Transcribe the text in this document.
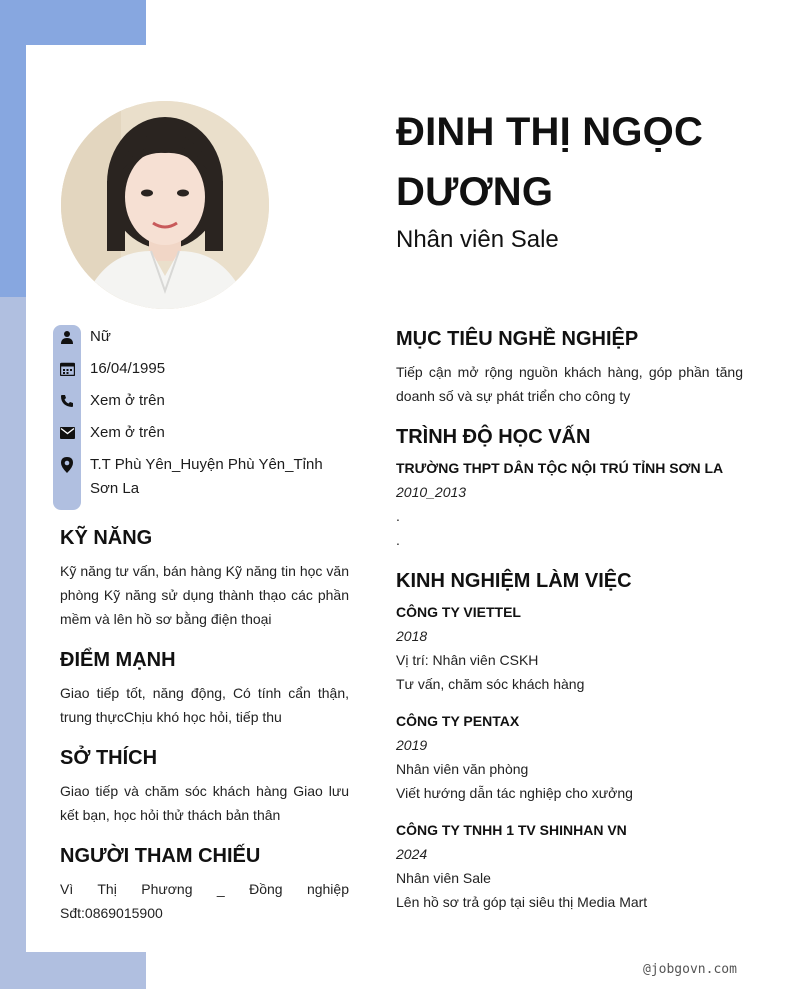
ĐINH THỊ NGỌC DƯƠNG
Nhân viên Sale
Nữ
16/04/1995
Xem ở trên
Xem ở trên
T.T Phù Yên_Huyện Phù Yên_Tỉnh Sơn La
KỸ NĂNG
Kỹ năng tư vấn, bán hàng Kỹ năng tin học văn phòng Kỹ năng sử dụng thành thạo các phần mềm và lên hồ sơ bằng điện thoại
ĐIỂM MẠNH
Giao tiếp tốt, năng động, Có tính cẩn thận, trung thựcChịu khó học hỏi, tiếp thu
SỞ THÍCH
Giao tiếp và chăm sóc khách hàng Giao lưu kết bạn, học hỏi thử thách bản thân
NGƯỜI THAM CHIẾU
Vì Thị Phương _ Đồng nghiệp Sđt:0869015900
MỤC TIÊU NGHỀ NGHIỆP
Tiếp cận mở rộng nguồn khách hàng, góp phần tăng doanh số và sự phát triển cho công ty
TRÌNH ĐỘ HỌC VẤN
TRƯỜNG THPT DÂN TỘC NỘI TRÚ TỈNH SƠN LA
2010_2013
.
.
KINH NGHIỆM LÀM VIỆC
CÔNG TY VIETTEL
2018
Vị trí: Nhân viên CSKH
Tư vấn, chăm sóc khách hàng
CÔNG TY PENTAX
2019
Nhân viên văn phòng
Viết hướng dẫn tác nghiệp cho xưởng
CÔNG TY TNHH 1 TV SHINHAN VN
2024
Nhân viên Sale
Lên hồ sơ trả góp tại siêu thị Media Mart
@jobgovn.com
